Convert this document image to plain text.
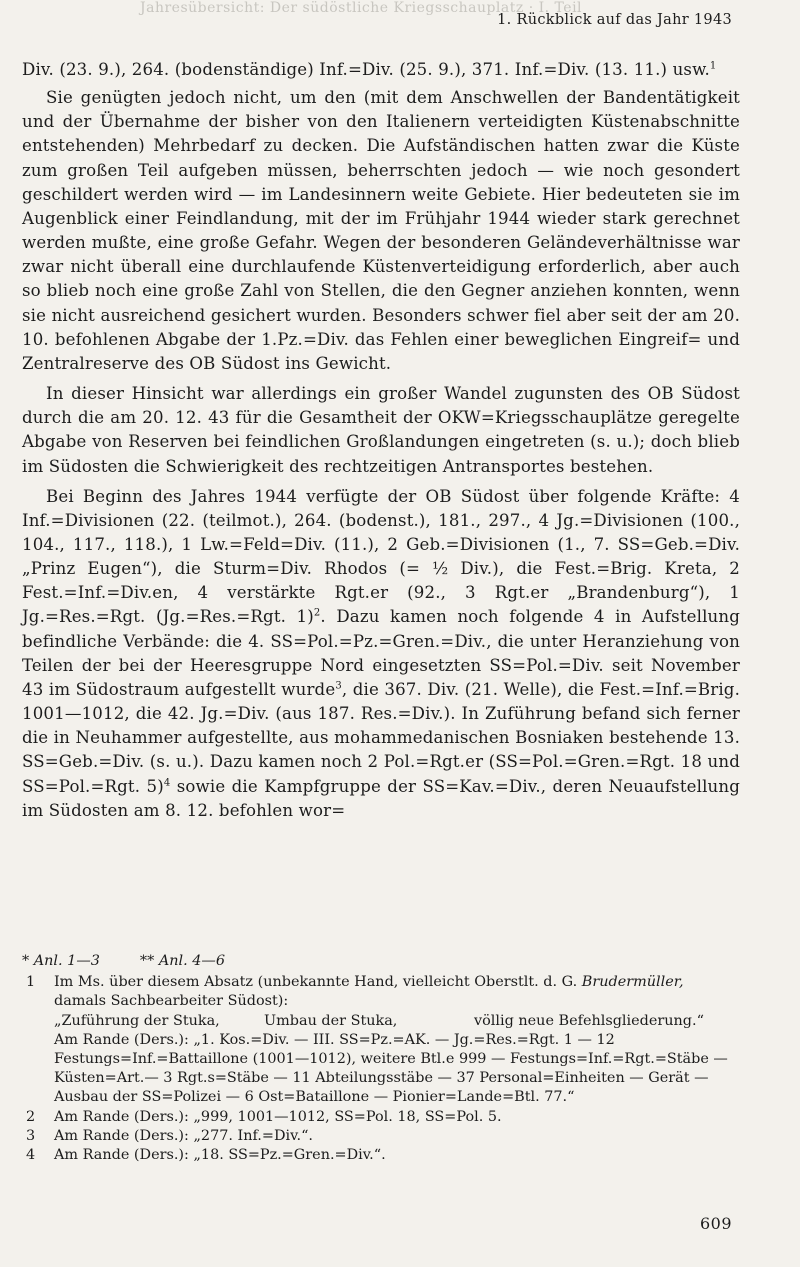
Jahresübersicht: Der südöstliche Kriegsschauplatz · I. Teil
1. Rückblick auf das Jahr 1943

Div. (23. 9.), 264. (bodenständige) Inf.=Div. (25. 9.), 371. Inf.=Div. (13. 11.) usw.$^1$

Sie genügten jedoch nicht, um den (mit dem Anschwellen der Bandentätigkeit und der Übernahme der bisher von den Italienern verteidigten Küstenabschnitte entstehenden) Mehrbedarf zu decken. Die Aufständischen hatten zwar die Küste zum großen Teil aufgeben müssen, beherrschten jedoch — wie noch gesondert geschildert werden wird — im Landesinnern weite Gebiete. Hier bedeuteten sie im Augenblick einer Feindlandung, mit der im Frühjahr 1944 wieder stark gerechnet werden mußte, eine große Gefahr. Wegen der besonderen Geländeverhältnisse war zwar nicht überall eine durchlaufende Küstenverteidigung erforderlich, aber auch so blieb noch eine große Zahl von Stellen, die den Gegner anziehen konnten, wenn sie nicht ausreichend gesichert wurden. Besonders schwer fiel aber seit der am 20. 10. befohlenen Abgabe der 1.Pz.=Div. das Fehlen einer beweglichen Eingreif= und Zentralreserve des OB Südost ins Gewicht.

In dieser Hinsicht war allerdings ein großer Wandel zugunsten des OB Südost durch die am 20. 12. 43 für die Gesamtheit der OKW=Kriegsschauplätze geregelte Abgabe von Reserven bei feindlichen Großlandungen eingetreten (s. u.); doch blieb im Südosten die Schwierigkeit des rechtzeitigen Antransportes bestehen.

Bei Beginn des Jahres 1944 verfügte der OB Südost über folgende Kräfte: 4 Inf.=Divisionen (22. (teilmot.), 264. (bodenst.), 181., 297., 4 Jg.=Divisionen (100., 104., 117., 118.), 1 Lw.=Feld=Div. (11.), 2 Geb.=Divisionen (1., 7. SS=Geb.=Div. „Prinz Eugen“), die Sturm=Div. Rhodos (= ½ Div.), die Fest.=Brig. Kreta, 2 Fest.=Inf.=Div.en, 4 verstärkte Rgt.er (92., 3 Rgt.er „Brandenburg“), 1 Jg.=Res.=Rgt. (Jg.=Res.=Rgt. 1)$^2$. Dazu kamen noch folgende 4 in Aufstellung befindliche Verbände: die 4. SS=Pol.=Pz.=Gren.=Div., die unter Heranziehung von Teilen der bei der Heeresgruppe Nord eingesetzten SS=Pol.=Div. seit November 43 im Südostraum aufgestellt wurde$^3$, die 367. Div. (21. Welle), die Fest.=Inf.=Brig. 1001—1012, die 42. Jg.=Div. (aus 187. Res.=Div.). In Zuführung befand sich ferner die in Neuhammer aufgestellte, aus mohammedanischen Bosniaken bestehende 13. SS=Geb.=Div. (s. u.). Dazu kamen noch 2 Pol.=Rgt.er (SS=Pol.=Gren.=Rgt. 18 und SS=Pol.=Rgt. 5)$^4$ sowie die Kampfgruppe der SS=Kav.=Div., deren Neuaufstellung im Südosten am 8. 12. befohlen wor=

* Anl. 1—3	** Anl. 4—6
1	Im Ms. über diesem Absatz (unbekannte Hand, vielleicht Oberstlt. d. G. Brudermüller, damals Sachbearbeiter Südost):
„Zuführung der Stuka,	Umbau der Stuka,	völlig neue Befehlsgliederung.“
Am Rande (Ders.): „1. Kos.=Div. — III. SS=Pz.=AK. — Jg.=Res.=Rgt. 1 — 12 Festungs=Inf.=Battaillone (1001—1012), weitere Btl.e 999 — Festungs=Inf.=Rgt.=Stäbe — Küsten=Art.— 3 Rgt.s=Stäbe — 11 Abteilungsstäbe — 37 Personal=Einheiten — Gerät — Ausbau der SS=Polizei — 6 Ost=Bataillone — Pionier=Lande=Btl. 77.“
2	Am Rande (Ders.): „999, 1001—1012, SS=Pol. 18, SS=Pol. 5.
3	Am Rande (Ders.): „277. Inf.=Div.“.
4	Am Rande (Ders.): „18. SS=Pz.=Gren.=Div.“.
609
